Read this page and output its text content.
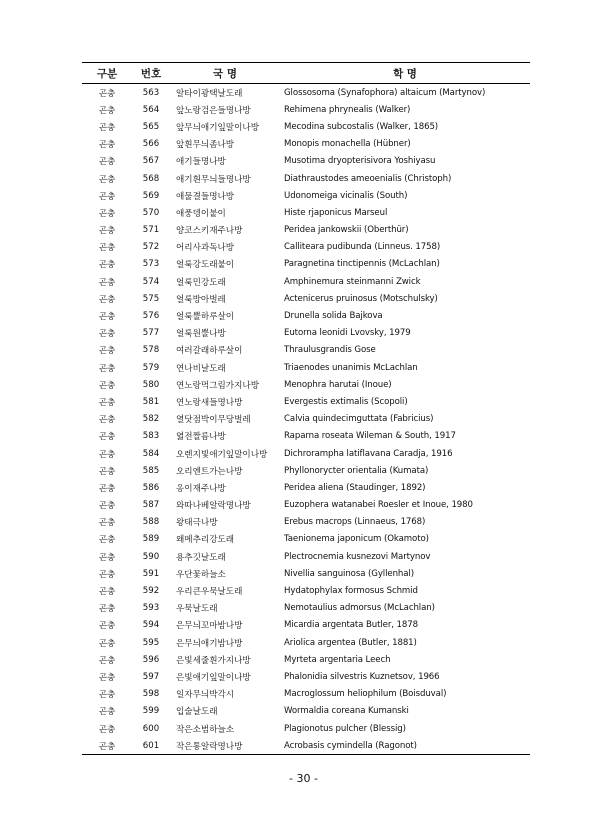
구분	번호	국 명	학 명
곤충	563	알타이광택날도래	Glossosoma (Synafophora) altaicum (Martynov)
곤충	564	앞노랑검은들명나방	Rehimena phrynealis (Walker)
곤충	565	앞무늬애기잎말이나방	Mecodina subcostalis (Walker, 1865)
곤충	566	앞흰무늬좀나방	Monopis monachella (Hübner)
곤충	567	애기들명나방	Musotima dryopterisivora Yoshiyasu
곤충	568	애기흰무늬들명나방	Diathraustodes ameoenialis (Christoph)
곤충	569	애물결들명나방	Udonomeiga vicinalis (South)
곤충	570	애풍뎅이붙이	Histe rjaponicus Marseul
곤충	571	양코스키재주나방	Peridea jankowskii (Oberthür)
곤충	572	어리사과독나방	Calliteara pudibunda (Linneus. 1758)
곤충	573	얼룩강도래붙이	Paragnetina tinctipennis (McLachlan)
곤충	574	얼룩민강도래	Amphinemura steinmanni Zwick
곤충	575	얼룩방아벌레	Actenicerus pruinosus (Motschulsky)
곤충	576	얼룩뿔하루살이	Drunella solida Bajkova
곤충	577	얼룩원뿔나방	Eutorna leonidi Lvovsky, 1979
곤충	578	여러갈래하루살이	Thraulusgrandis Gose
곤충	579	연나비날도래	Triaenodes unanimis McLachlan
곤충	580	연노랑먹그림가지나방	Menophra harutai (Inoue)
곤충	581	연노랑새들명나방	Evergestis extimalis (Scopoli)
곤충	582	열닷점박이무당벌레	Calvia quindecimguttata (Fabricius)
곤충	583	엷전짤름나방	Raparna roseata Wileman & South, 1917
곤충	584	오렌지빛애기잎말이나방	Dichrorampha latiflavana Caradja, 1916
곤충	585	오리엔트가는나방	Phyllonorycter orientalia (Kumata)
곤충	586	옹이재주나방	Peridea aliena (Staudinger, 1892)
곤충	587	와따나베알락명나방	Euzophera watanabei Roesler et Inoue, 1980
곤충	588	왕태극나방	Erebus macrops (Linnaeus, 1768)
곤충	589	왜메추리강도래	Taenionema japonicum (Okamoto)
곤충	590	용추깃날도래	Plectrocnemia kusnezovi Martynov
곤충	591	우단꽃하늘소	Nivellia sanguinosa (Gyllenhal)
곤충	592	우리큰우묵날도래	Hydatophylax formosus Schmid
곤충	593	우묵날도래	Nemotaulius admorsus (McLachlan)
곤충	594	은무늬꼬마밤나방	Micardia argentata Butler, 1878
곤충	595	은무늬애기밤나방	Ariolica argentea (Butler, 1881)
곤충	596	은빛세줄흰가지나방	Myrteta argentaria Leech
곤충	597	은빛애기잎말이나방	Phalonidia silvestris Kuznetsov, 1966
곤충	598	일자무늬박각시	Macroglossum heliophilum (Boisduval)
곤충	599	입술날도래	Wormaldia coreana Kumanski
곤충	600	작은소범하늘소	Plagionotus pulcher (Blessig)
곤충	601	작은통알락명나방	Acrobasis cymindella (Ragonot)
- 30 -
